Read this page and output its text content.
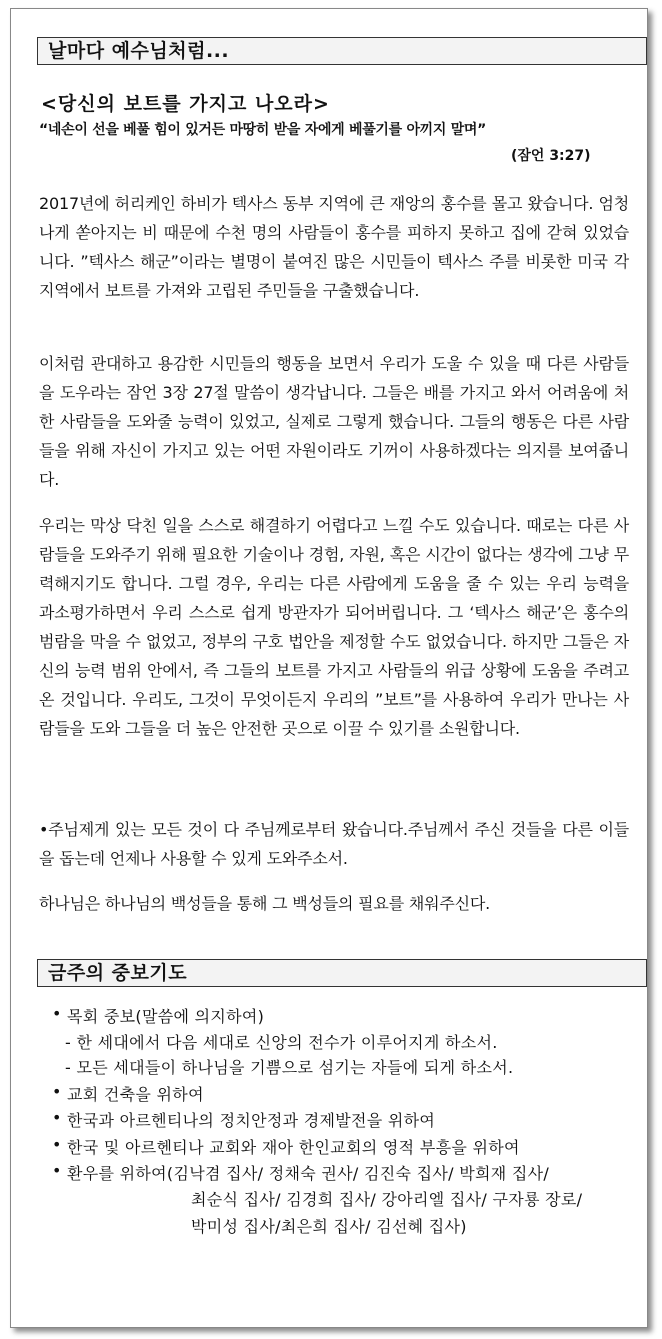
날마다 예수님처럼...
<당신의 보트를 가지고 나오라>
“네손이 선을 베풀 힘이 있거든 마땅히 받을 자에게 베풀기를 아끼지 말며”
(잠언 3:27)
2017년에 허리케인 하비가 텍사스 동부 지역에 큰 재앙의 홍수를 몰고 왔습니다. 엄청나게 쏟아지는 비 때문에 수천 명의 사람들이 홍수를 피하지 못하고 집에 갇혀 있었습니다. ”텍사스 해군”이라는 별명이 붙여진 많은 시민들이 텍사스 주를 비롯한 미국 각 지역에서 보트를 가져와 고립된 주민들을 구출했습니다.
이처럼 관대하고 용감한 시민들의 행동을 보면서 우리가 도울 수 있을 때 다른 사람들을 도우라는 잠언 3장 27절 말씀이 생각납니다. 그들은 배를 가지고 와서 어려움에 처한 사람들을 도와줄 능력이 있었고, 실제로 그렇게 했습니다. 그들의 행동은 다른 사람들을 위해 자신이 가지고 있는 어떤 자원이라도 기꺼이 사용하겠다는 의지를 보여줍니다.
우리는 막상 닥친 일을 스스로 해결하기 어렵다고 느낄 수도 있습니다. 때로는 다른 사람들을 도와주기 위해 필요한 기술이나 경험, 자원, 혹은 시간이 없다는 생각에 그냥 무력해지기도 합니다. 그럴 경우, 우리는 다른 사람에게 도움을 줄 수 있는 우리 능력을 과소평가하면서 우리 스스로 쉽게 방관자가 되어버립니다. 그 ‘텍사스 해군’은 홍수의 범람을 막을 수 없었고, 정부의 구호 법안을 제정할 수도 없었습니다. 하지만 그들은 자신의 능력 범위 안에서, 즉 그들의 보트를 가지고 사람들의 위급 상황에 도움을 주려고 온 것입니다. 우리도, 그것이 무엇이든지 우리의 ”보트”를 사용하여 우리가 만나는 사람들을 도와 그들을 더 높은 안전한 곳으로 이끌 수 있기를 소원합니다.
•주님제게 있는 모든 것이 다 주님께로부터 왔습니다.주님께서 주신 것들을 다른 이들을 돕는데 언제나 사용할 수 있게 도와주소서.
하나님은 하나님의 백성들을 통해 그 백성들의 필요를 채워주신다.
금주의 중보기도
• 목회 중보(말씀에 의지하여)
- 한 세대에서 다음 세대로 신앙의 전수가 이루어지게 하소서.
- 모든 세대들이 하나님을 기쁨으로 섬기는 자들에 되게 하소서.
• 교회 건축을 위하여
• 한국과 아르헨티나의 정치안정과 경제발전을 위하여
• 한국 및 아르헨티나 교회와 재아 한인교회의 영적 부흥을 위하여
• 환우를 위하여(김낙겸 집사/ 정채숙 권사/ 김진숙 집사/ 박희재 집사/
최순식 집사/ 김경희 집사/ 강아리엘 집사/ 구자룡 장로/
박미성 집사/최은희 집사/ 김선혜 집사)
